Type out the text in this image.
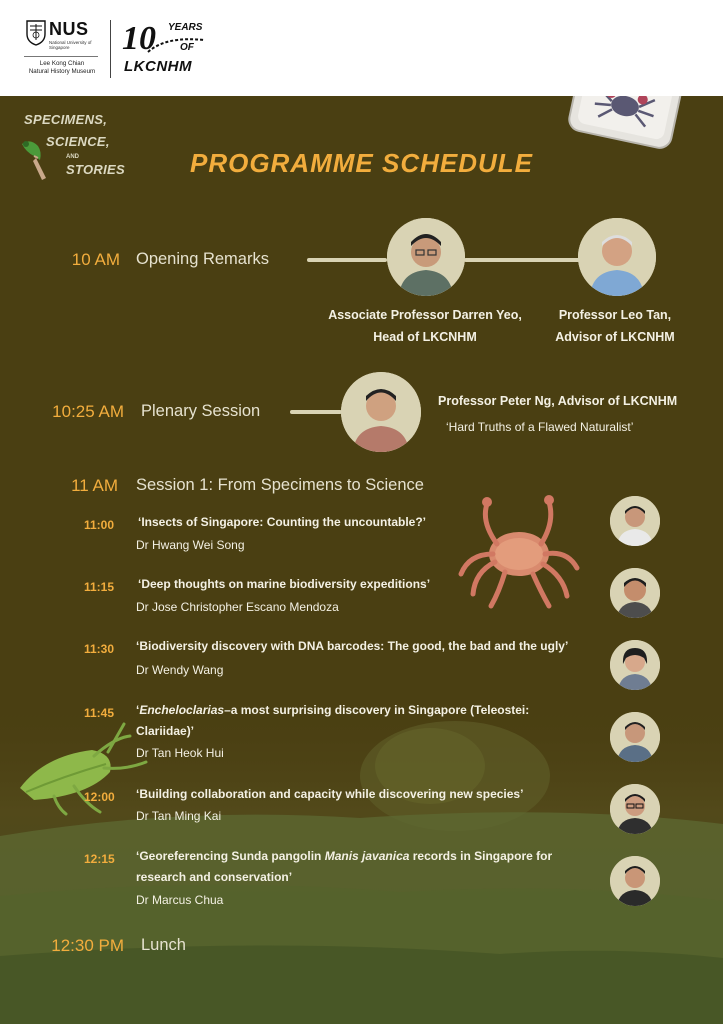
NUS
National University of Singapore
Lee Kong Chian
Natural History Museum
10 YEARS
OF
LKCNHM
SPECIMENS,
SCIENCE,
AND
STORIES	PROGRAMME SCHEDULE
10 AM Opening Remarks
Associate Professor Darren Yeo,
Head of LKCNHM
Professor Leo Tan,
Advisor of LKCNHM
10:25 AM Plenary Session
Professor Peter Ng, Advisor of LKCNHM
‘Hard Truths of a Flawed Naturalist’
11 AM Session 1: From Specimens to Science
11:00 ‘Insects of Singapore: Counting the uncountable?’
Dr Hwang Wei Song
11:15 ‘Deep thoughts on marine biodiversity expeditions’
Dr Jose Christopher Escano Mendoza
11:30 ‘Biodiversity discovery with DNA barcodes: The good, the bad and the ugly’
Dr Wendy Wang
11:45 ‘Encheloclarias–a most surprising discovery in Singapore (Teleostei: Clariidae)’
Dr Tan Heok Hui
12:00 ‘Building collaboration and capacity while discovering new species’
Dr Tan Ming Kai
12:15 ‘Georeferencing Sunda pangolin Manis javanica records in Singapore for research and conservation’
Dr Marcus Chua
12:30 PM Lunch
